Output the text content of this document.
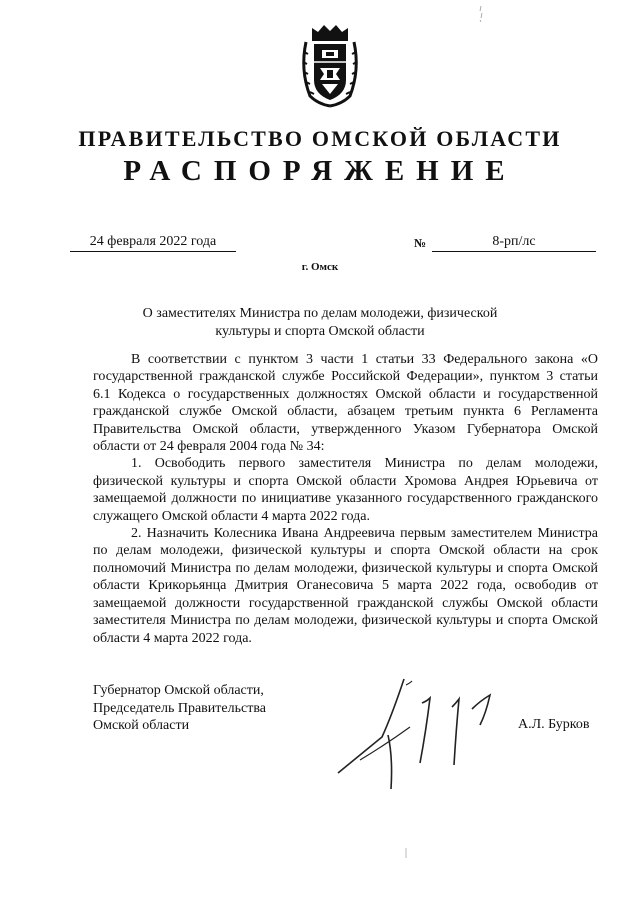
ПРАВИТЕЛЬСТВО ОМСКОЙ ОБЛАСТИ
РАСПОРЯЖЕНИЕ
24 февраля 2022 года	№	8-рп/лс
г. Омск
О заместителях Министра по делам молодежи, физической
культуры и спорта Омской области

В соответствии с пунктом 3 части 1 статьи 33 Федерального закона «О государственной гражданской службе Российской Федерации», пунктом 3 статьи 6.1 Кодекса о государственных должностях Омской области и государственной гражданской службе Омской области, абзацем третьим пункта 6 Регламента Правительства Омской области, утвержденного Указом Губернатора Омской области от 24 февраля 2004 года № 34:

1. Освободить первого заместителя Министра по делам молодежи, физической культуры и спорта Омской области Хромова Андрея Юрьевича от замещаемой должности по инициативе указанного государственного гражданского служащего Омской области 4 марта 2022 года.

2. Назначить Колесника Ивана Андреевича первым заместителем Министра по делам молодежи, физической культуры и спорта Омской области на срок полномочий Министра по делам молодежи, физической культуры и спорта Омской области Крикорьянца Дмитрия Оганесовича 5 марта 2022 года, освободив от замещаемой должности государственной гражданской службы Омской области заместителя Министра по делам молодежи, физической культуры и спорта Омской области 4 марта 2022 года.

Губернатор Омской области,
Председатель Правительства
Омской области	А.Л. Бурков
